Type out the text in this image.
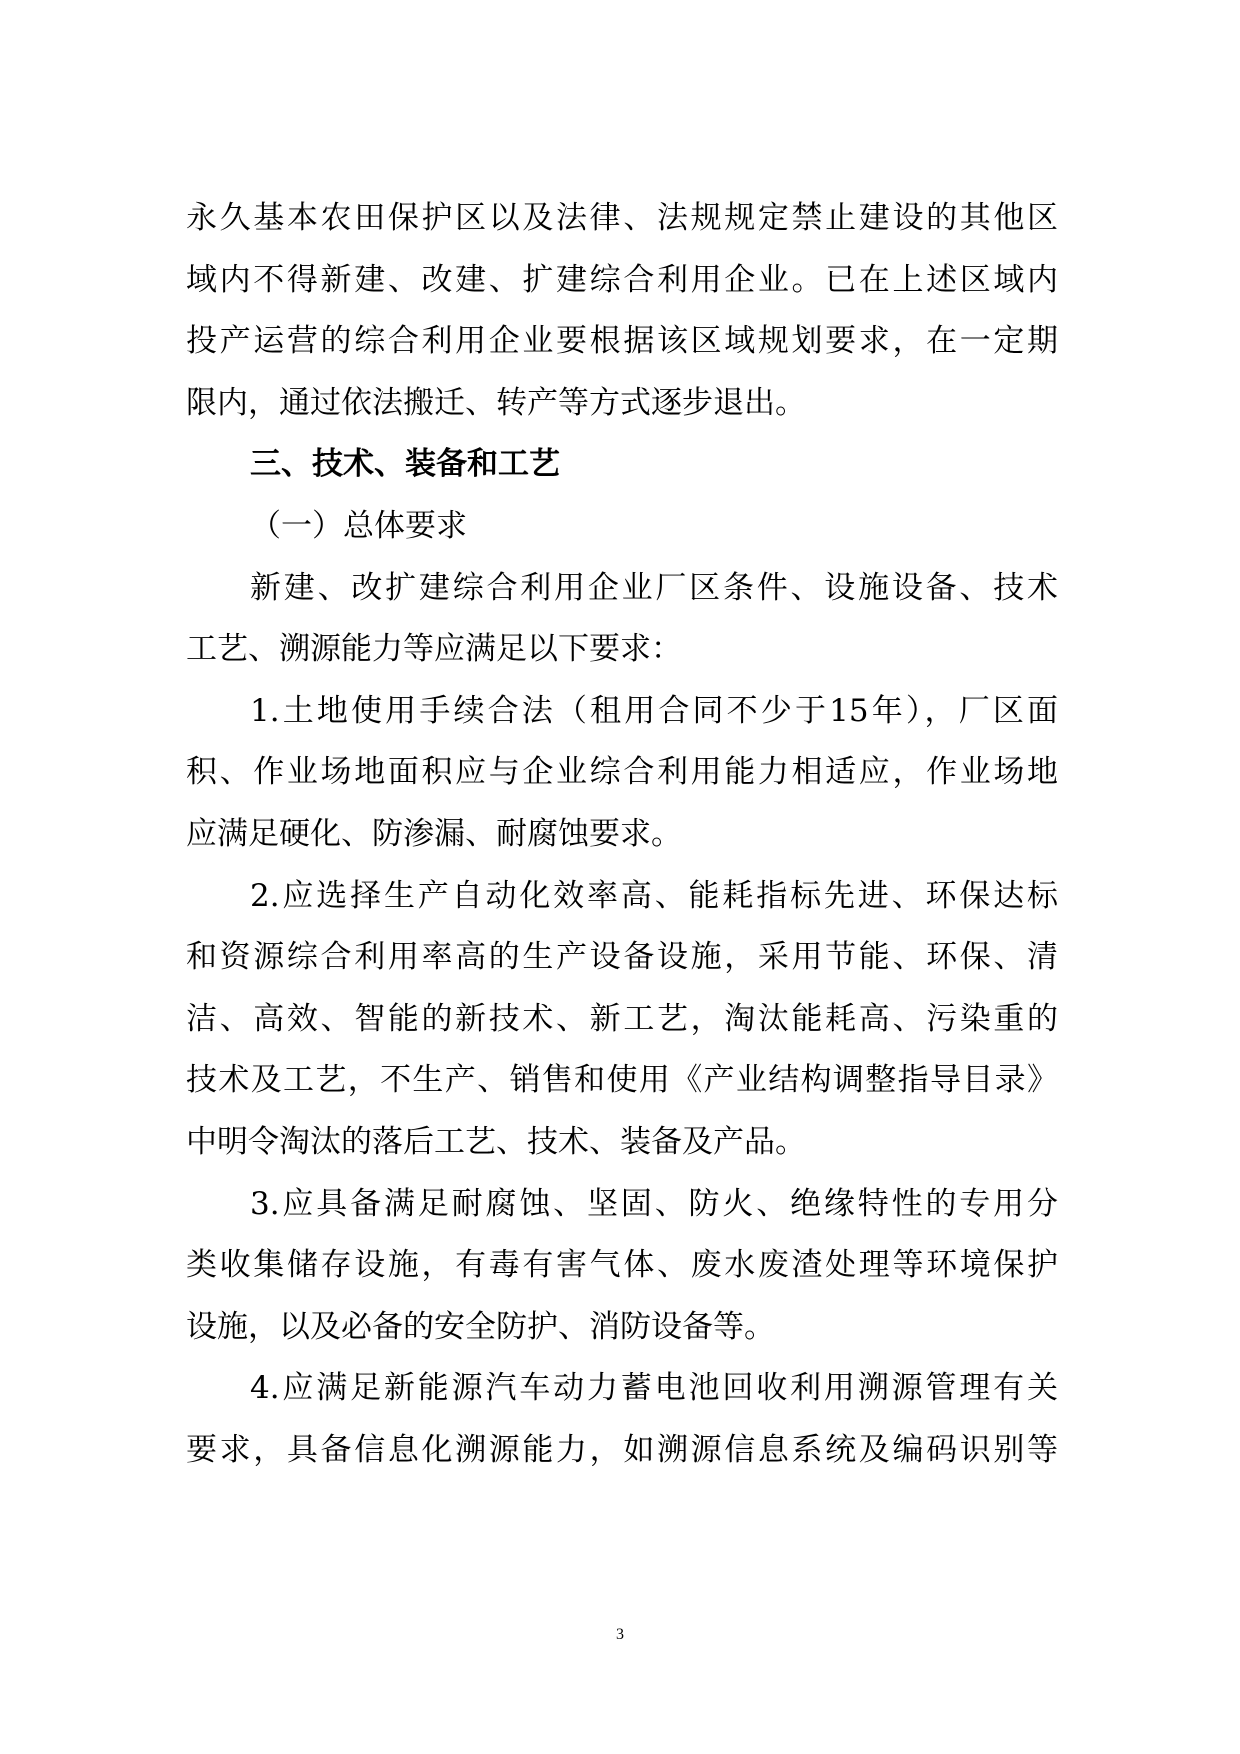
永久基本农田保护区以及法律、法规规定禁止建设的其他区
域内不得新建、改建、扩建综合利用企业。已在上述区域内
投产运营的综合利用企业要根据该区域规划要求，在一定期
限内，通过依法搬迁、转产等方式逐步退出。
三、技术、装备和工艺
（一）总体要求
新建、改扩建综合利用企业厂区条件、设施设备、技术
工艺、溯源能力等应满足以下要求：
1.土地使用手续合法（租用合同不少于15年），厂区面
积、作业场地面积应与企业综合利用能力相适应，作业场地
应满足硬化、防渗漏、耐腐蚀要求。
2.应选择生产自动化效率高、能耗指标先进、环保达标
和资源综合利用率高的生产设备设施，采用节能、环保、清
洁、高效、智能的新技术、新工艺，淘汰能耗高、污染重的
技术及工艺，不生产、销售和使用《产业结构调整指导目录》
中明令淘汰的落后工艺、技术、装备及产品。
3.应具备满足耐腐蚀、坚固、防火、绝缘特性的专用分
类收集储存设施，有毒有害气体、废水废渣处理等环境保护
设施，以及必备的安全防护、消防设备等。
4.应满足新能源汽车动力蓄电池回收利用溯源管理有关
要求，具备信息化溯源能力，如溯源信息系统及编码识别等
3
